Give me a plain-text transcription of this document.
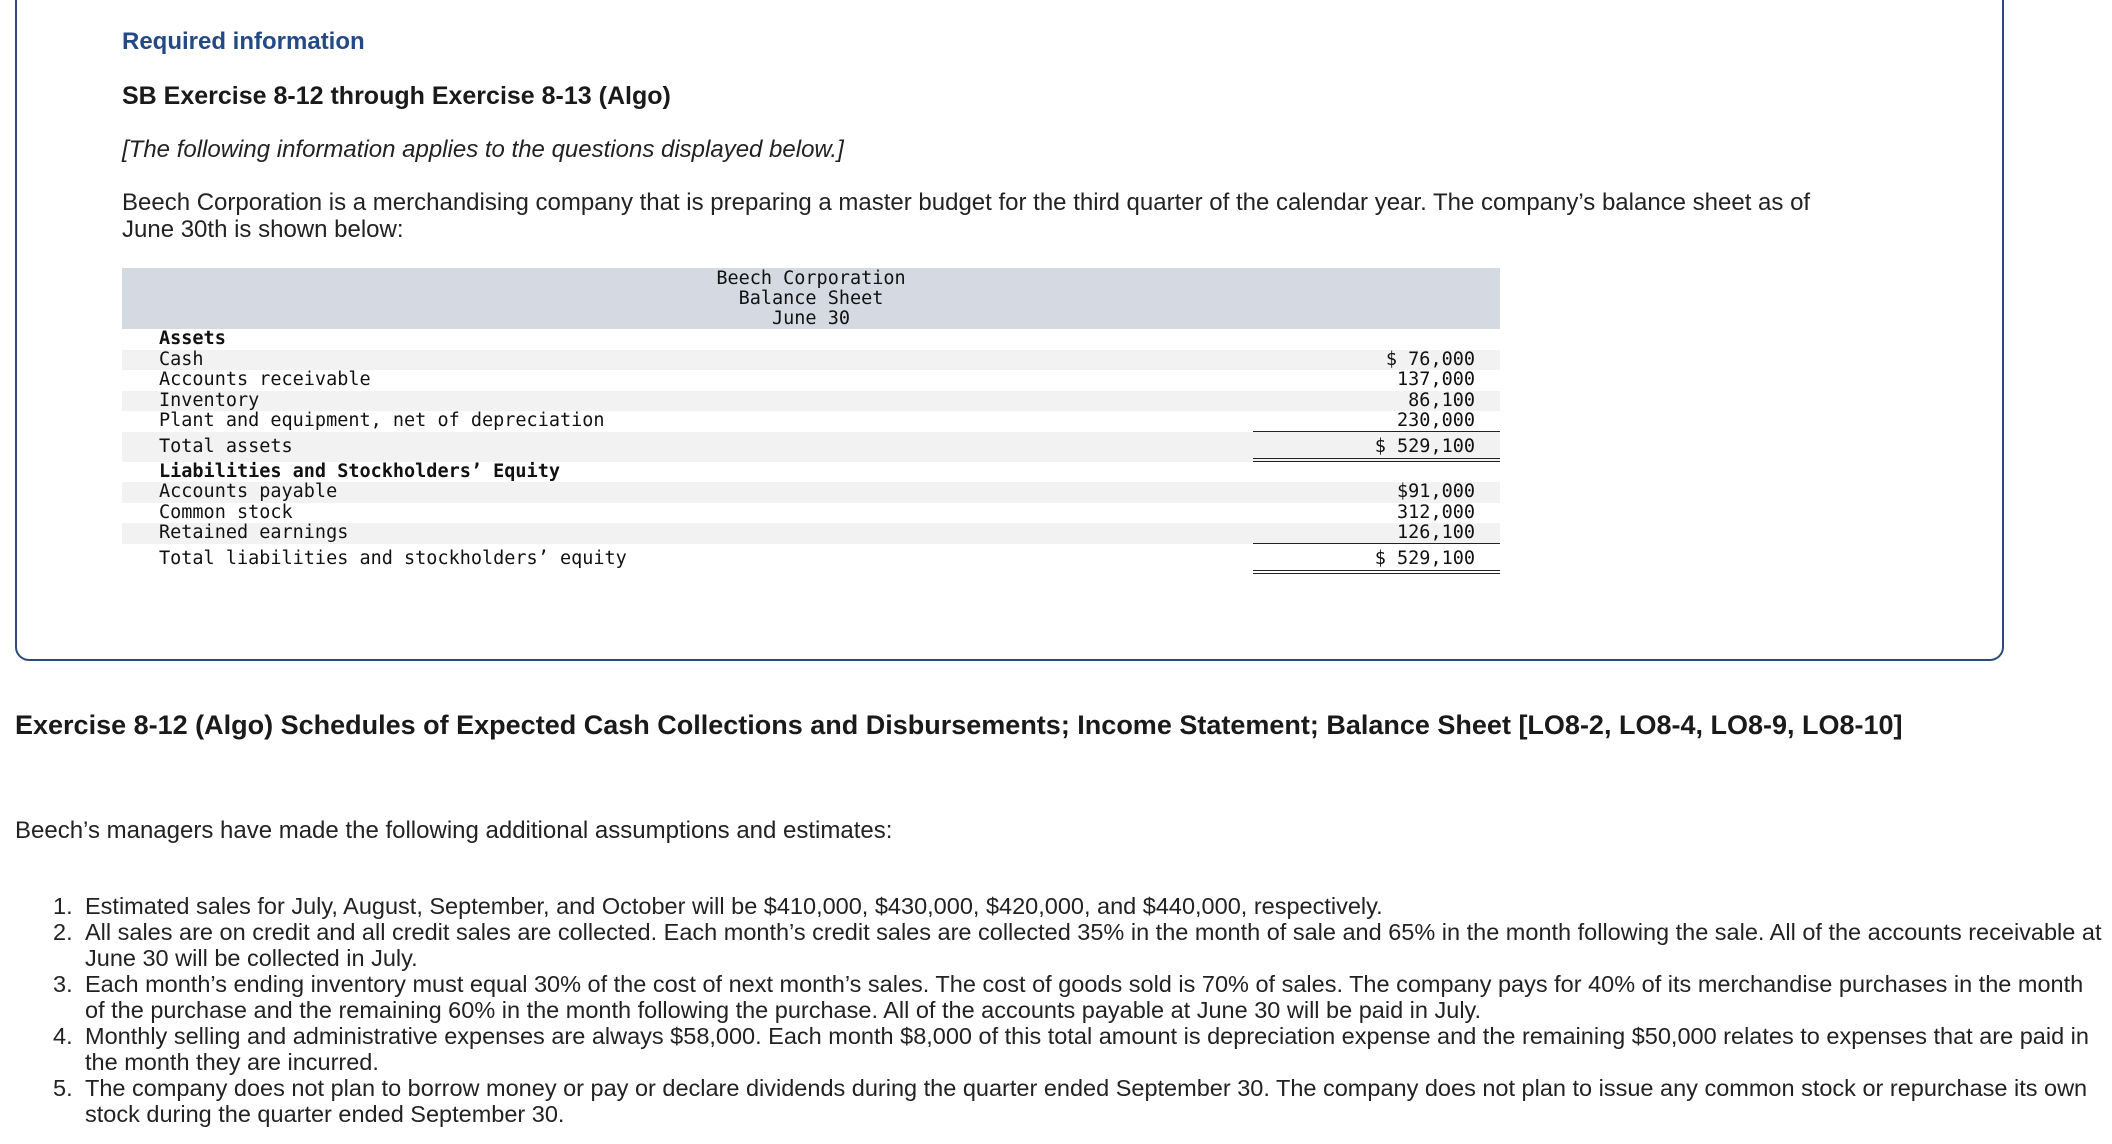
Required information
SB Exercise 8-12 through Exercise 8-13 (Algo)

[The following information applies to the questions displayed below.]

Beech Corporation is a merchandising company that is preparing a master budget for the third quarter of the calendar year. The company’s balance sheet as of June 30th is shown below:

Beech Corporation
Balance Sheet
June 30
Assets
Cash	$ 76,000
Accounts receivable	137,000
Inventory	86,100
Plant and equipment, net of depreciation	230,000
Total assets	$ 529,100
Liabilities and Stockholders’ Equity
Accounts payable	$91,000
Common stock	312,000
Retained earnings	126,100
Total liabilities and stockholders’ equity	$ 529,100
Exercise 8-12 (Algo) Schedules of Expected Cash Collections and Disbursements; Income Statement; Balance Sheet [LO8-2, LO8-4, LO8-9, LO8-10]

Beech’s managers have made the following additional assumptions and estimates:

1. Estimated sales for July, August, September, and October will be $410,000, $430,000, $420,000, and $440,000, respectively.
2. All sales are on credit and all credit sales are collected. Each month’s credit sales are collected 35% in the month of sale and 65% in the month following the sale. All of the accounts receivable at June 30 will be collected in July.
3. Each month’s ending inventory must equal 30% of the cost of next month’s sales. The cost of goods sold is 70% of sales. The company pays for 40% of its merchandise purchases in the month of the purchase and the remaining 60% in the month following the purchase. All of the accounts payable at June 30 will be paid in July.
4. Monthly selling and administrative expenses are always $58,000. Each month $8,000 of this total amount is depreciation expense and the remaining $50,000 relates to expenses that are paid in the month they are incurred.
5. The company does not plan to borrow money or pay or declare dividends during the quarter ended September 30. The company does not plan to issue any common stock or repurchase its own stock during the quarter ended September 30.
